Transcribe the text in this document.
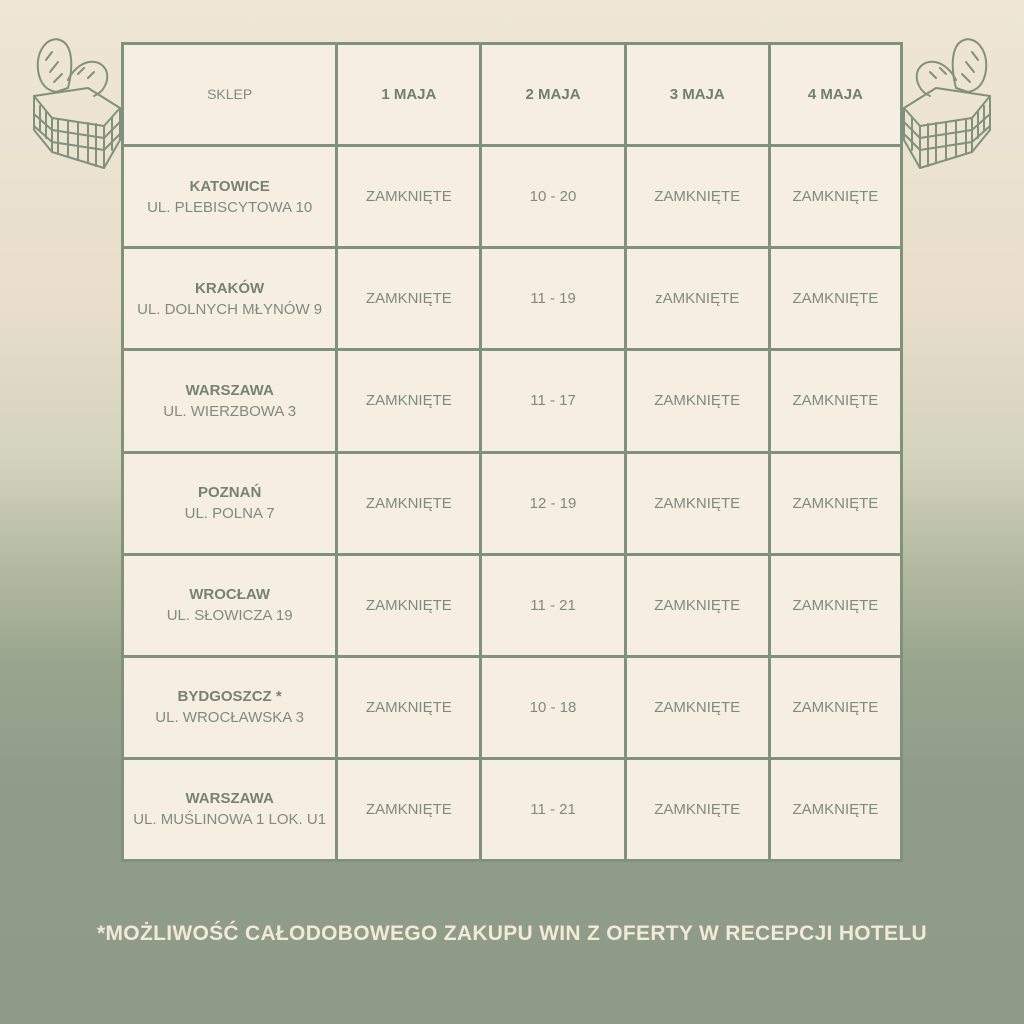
SKLEP	1 MAJA	2 MAJA	3 MAJA	4 MAJA

KATOWICE
UL. PLEBISCYTOWA 10	ZAMKNIĘTE	10 - 20	ZAMKNIĘTE	ZAMKNIĘTE

KRAKÓW
UL. DOLNYCH MŁYNÓW 9	ZAMKNIĘTE	11 - 19	zAMKNIĘTE	ZAMKNIĘTE

WARSZAWA
UL. WIERZBOWA 3	ZAMKNIĘTE	11 - 17	ZAMKNIĘTE	ZAMKNIĘTE

POZNAŃ
UL. POLNA 7	ZAMKNIĘTE	12 - 19	ZAMKNIĘTE	ZAMKNIĘTE

WROCŁAW
UL. SŁOWICZA 19	ZAMKNIĘTE	11 - 21	ZAMKNIĘTE	ZAMKNIĘTE

BYDGOSZCZ *
UL. WROCŁAWSKA 3	ZAMKNIĘTE	10 - 18	ZAMKNIĘTE	ZAMKNIĘTE

WARSZAWA
UL. MUŚLINOWA 1 LOK. U1	ZAMKNIĘTE	11 - 21	ZAMKNIĘTE	ZAMKNIĘTE
*MOŻLIWOŚĆ CAŁODOBOWEGO ZAKUPU WIN Z OFERTY W RECEPCJI HOTELU
